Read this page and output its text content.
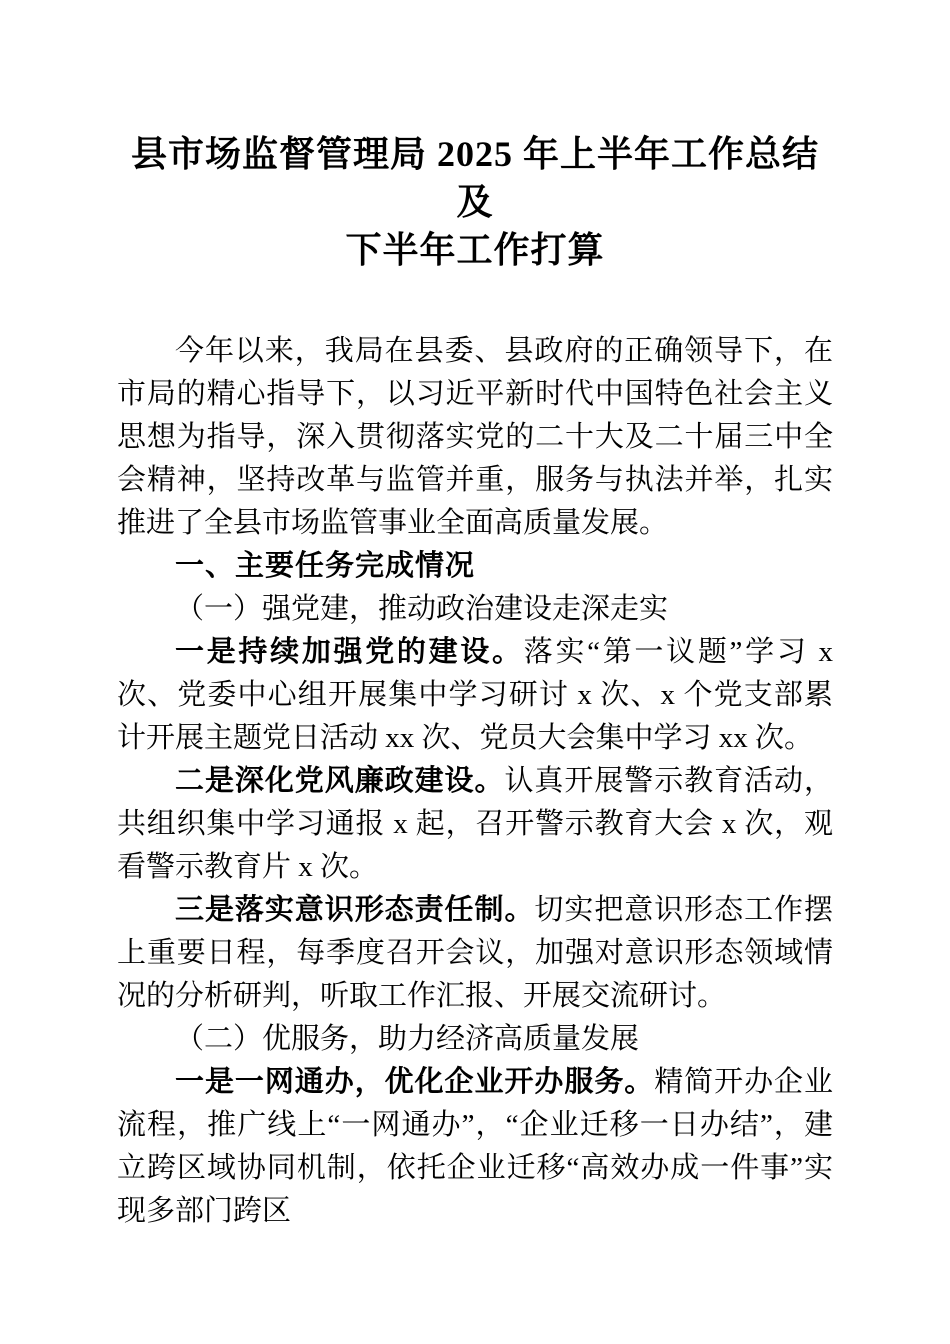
县市场监督管理局 2025 年上半年工作总结及
下半年工作打算

今年以来，我局在县委、县政府的正确领导下，在市局的精心指导下，以习近平新时代中国特色社会主义思想为指导，深入贯彻落实党的二十大及二十届三中全会精神，坚持改革与监管并重，服务与执法并举，扎实推进了全县市场监管事业全面高质量发展。

一、主要任务完成情况
（一）强党建，推动政治建设走深走实

一是持续加强党的建设。落实“第一议题”学习 x 次、党委中心组开展集中学习研讨 x 次、x 个党支部累计开展主题党日活动 xx 次、党员大会集中学习 xx 次。

二是深化党风廉政建设。认真开展警示教育活动，共组织集中学习通报 x 起，召开警示教育大会 x 次，观看警示教育片 x 次。

三是落实意识形态责任制。切实把意识形态工作摆上重要日程，每季度召开会议，加强对意识形态领域情况的分析研判，听取工作汇报、开展交流研讨。

（二）优服务，助力经济高质量发展

一是一网通办，优化企业开办服务。精简开办企业流程，推广线上“一网通办”，“企业迁移一日办结”，建立跨区域协同机制，依托企业迁移“高效办成一件事”实现多部门跨区
